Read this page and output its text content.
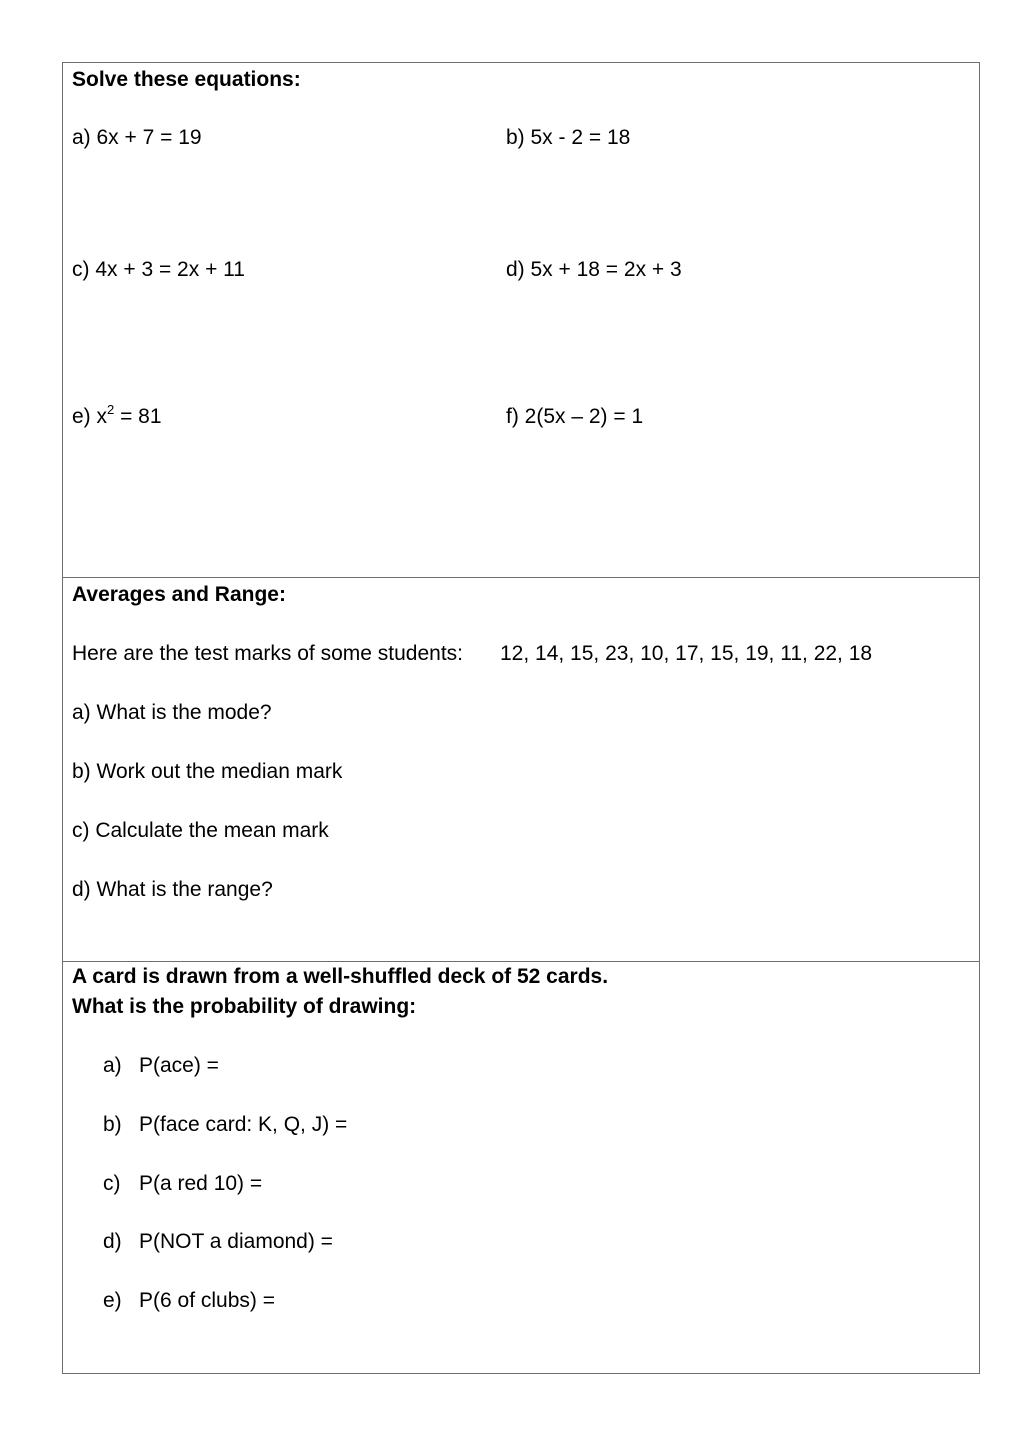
Solve these equations:
a) 6x + 7 = 19	b) 5x - 2 = 18
c) 4x + 3 = 2x + 11	d) 5x + 18 = 2x + 3
e) $x^2 = 81$	f) 2(5x – 2) = 1
Averages and Range:
Here are the test marks of some students: 12, 14, 15, 23, 10, 17, 15, 19, 11, 22, 18
a) What is the mode?
b) Work out the median mark
c) Calculate the mean mark
d) What is the range?
A card is drawn from a well-shuffled deck of 52 cards.
What is the probability of drawing:
a) P(ace) =
b) P(face card: K, Q, J) =
c) P(a red 10) =
d) P(NOT a diamond) =
e) P(6 of clubs) =
